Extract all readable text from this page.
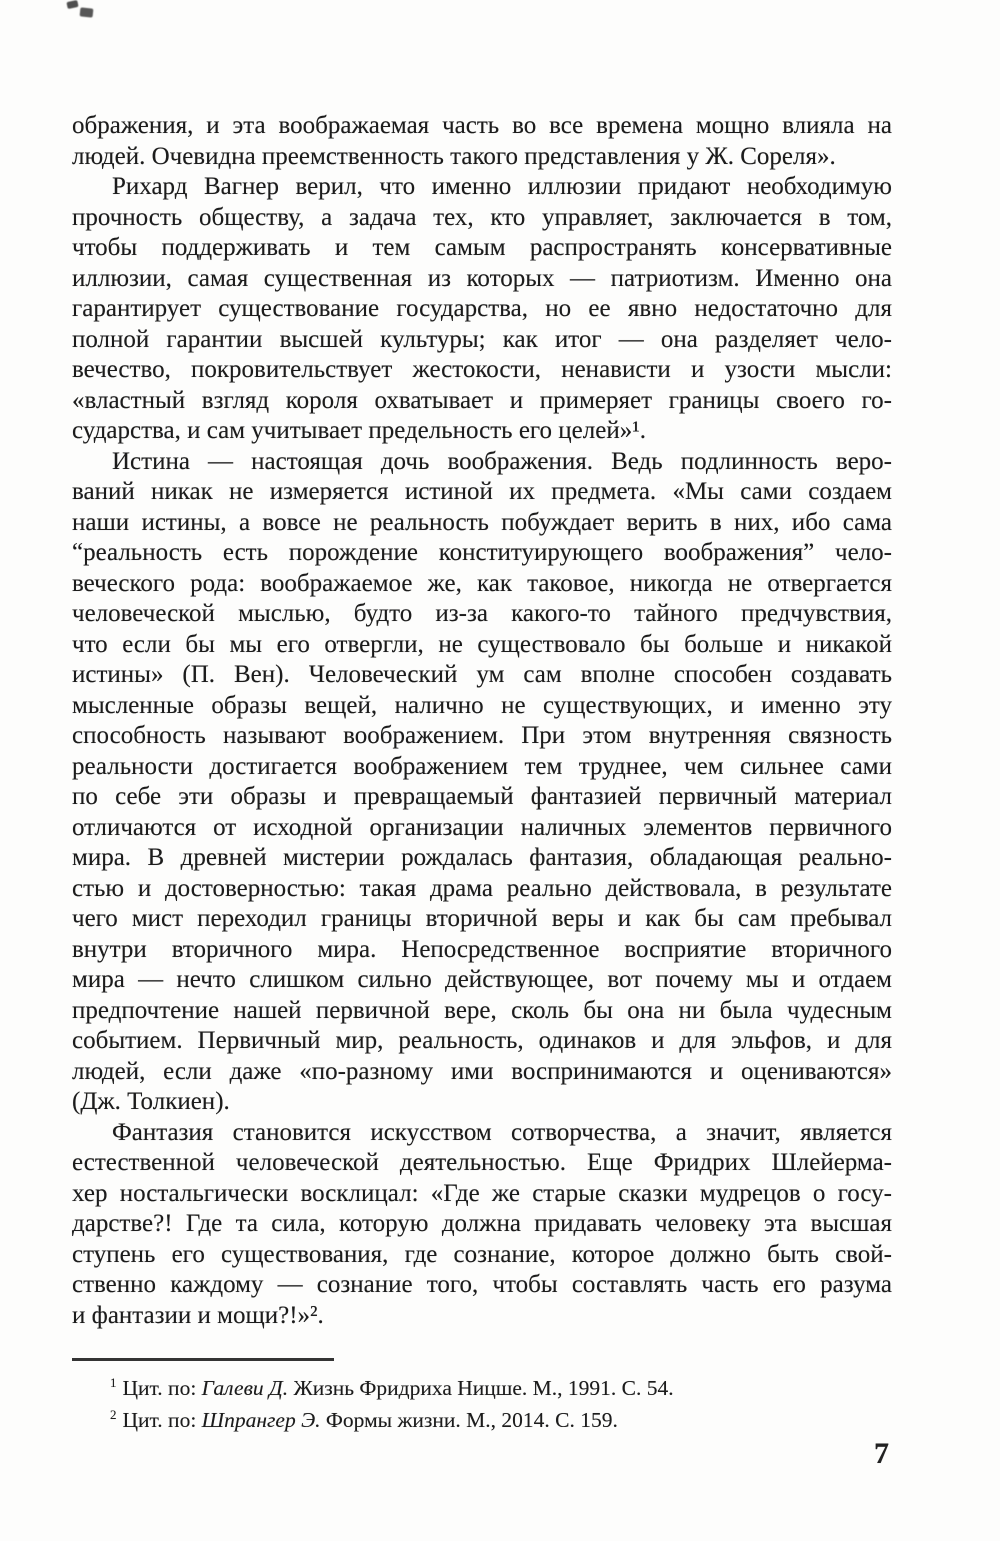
ображения, и эта воображаемая часть во все времена мощно влияла на
людей. Очевидна преемственность такого представления у Ж. Сореля».
Рихард Вагнер верил, что именно иллюзии придают необходимую
прочность обществу, а задача тех, кто управляет, заключается в том,
чтобы поддерживать и тем самым распространять консервативные
иллюзии, самая существенная из которых — патриотизм. Именно она
гарантирует существование государства, но ее явно недостаточно для
полной гарантии высшей культуры; как итог — она разделяет чело-
вечество, покровительствует жестокости, ненависти и узости мысли:
«властный взгляд короля охватывает и примеряет границы своего го-
сударства, и сам учитывает предельность его целей»¹.
Истина — настоящая дочь воображения. Ведь подлинность веро-
ваний никак не измеряется истиной их предмета. «Мы сами создаем
наши истины, а вовсе не реальность побуждает верить в них, ибо сама
“реальность есть порождение конституирующего воображения” чело-
веческого рода: воображаемое же, как таковое, никогда не отвергается
человеческой мыслью, будто из-за какого-то тайного предчувствия,
что если бы мы его отвергли, не существовало бы больше и никакой
истины» (П. Вен). Человеческий ум сам вполне способен создавать
мысленные образы вещей, налично не существующих, и именно эту
способность называют воображением. При этом внутренняя связность
реальности достигается воображением тем труднее, чем сильнее сами
по себе эти образы и превращаемый фантазией первичный материал
отличаются от исходной организации наличных элементов первичного
мира. В древней мистерии рождалась фантазия, обладающая реально-
стью и достоверностью: такая драма реально действовала, в результате
чего мист переходил границы вторичной веры и как бы сам пребывал
внутри вторичного мира. Непосредственное восприятие вторичного
мира — нечто слишком сильно действующее, вот почему мы и отдаем
предпочтение нашей первичной вере, сколь бы она ни была чудесным
событием. Первичный мир, реальность, одинаков и для эльфов, и для
людей, если даже «по-разному ими воспринимаются и оцениваются»
(Дж. Толкиен).
Фантазия становится искусством сотворчества, а значит, является
естественной человеческой деятельностью. Еще Фридрих Шлейерма-
хер ностальгически восклицал: «Где же старые сказки мудрецов о госу-
дарстве?! Где та сила, которую должна придавать человеку эта высшая
ступень его существования, где сознание, которое должно быть свой-
ственно каждому — сознание того, чтобы составлять часть его разума
и фантазии и мощи?!»².
$^1$ Цит. по: Галеви Д. Жизнь Фридриха Ницше. М., 1991. С. 54.
$^2$ Цит. по: Шпрангер Э. Формы жизни. М., 2014. С. 159.
7
